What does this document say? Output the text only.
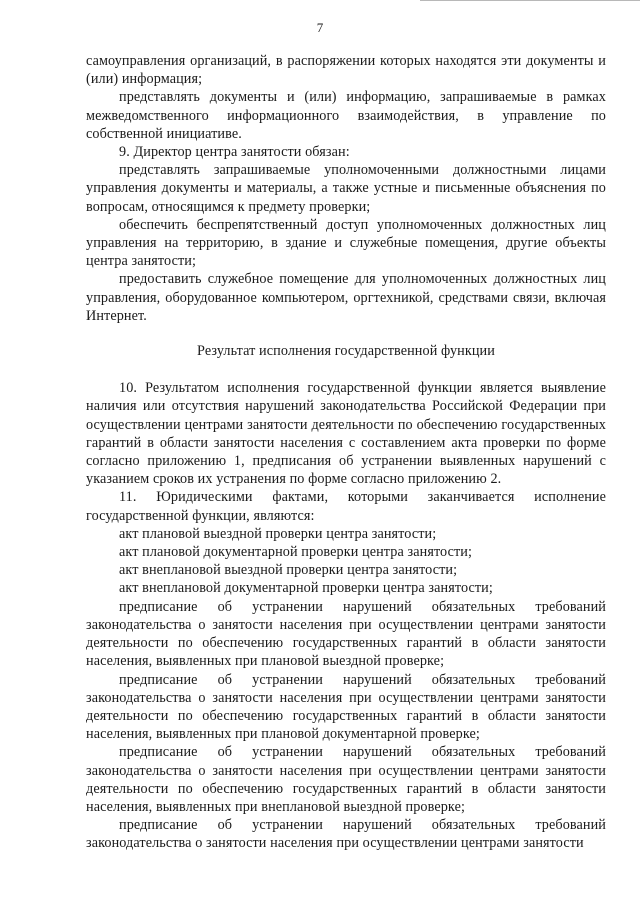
7

самоуправления организаций, в распоряжении которых находятся эти документы и (или) информация;

представлять документы и (или) информацию, запрашиваемые в рамках межведомственного информационного взаимодействия, в управление по собственной инициативе.

9. Директор центра занятости обязан:

представлять запрашиваемые уполномоченными должностными лицами управления документы и материалы, а также устные и письменные объяснения по вопросам, относящимся к предмету проверки;

обеспечить беспрепятственный доступ уполномоченных должностных лиц управления на территорию, в здание и служебные помещения, другие объекты центра занятости;

предоставить служебное помещение для уполномоченных должностных лиц управления, оборудованное компьютером, оргтехникой, средствами связи, включая Интернет.

Результат исполнения государственной функции

10. Результатом исполнения государственной функции является выявление наличия или отсутствия нарушений законодательства Российской Федерации при осуществлении центрами занятости деятельности по обеспечению государственных гарантий в области занятости населения с составлением акта проверки по форме согласно приложению 1, предписания об устранении выявленных нарушений с указанием сроков их устранения по форме согласно приложению 2.

11. Юридическими фактами, которыми заканчивается исполнение государственной функции, являются:

акт плановой выездной проверки центра занятости;

акт плановой документарной проверки центра занятости;

акт внеплановой выездной проверки центра занятости;

акт внеплановой документарной проверки центра занятости;

предписание об устранении нарушений обязательных требований законодательства о занятости населения при осуществлении центрами занятости деятельности по обеспечению государственных гарантий в области занятости населения, выявленных при плановой выездной проверке;

предписание об устранении нарушений обязательных требований законодательства о занятости населения при осуществлении центрами занятости деятельности по обеспечению государственных гарантий в области занятости населения, выявленных при плановой документарной проверке;

предписание об устранении нарушений обязательных требований законодательства о занятости населения при осуществлении центрами занятости деятельности по обеспечению государственных гарантий в области занятости населения, выявленных при внеплановой выездной проверке;

предписание об устранении нарушений обязательных требований законодательства о занятости населения при осуществлении центрами занятости
